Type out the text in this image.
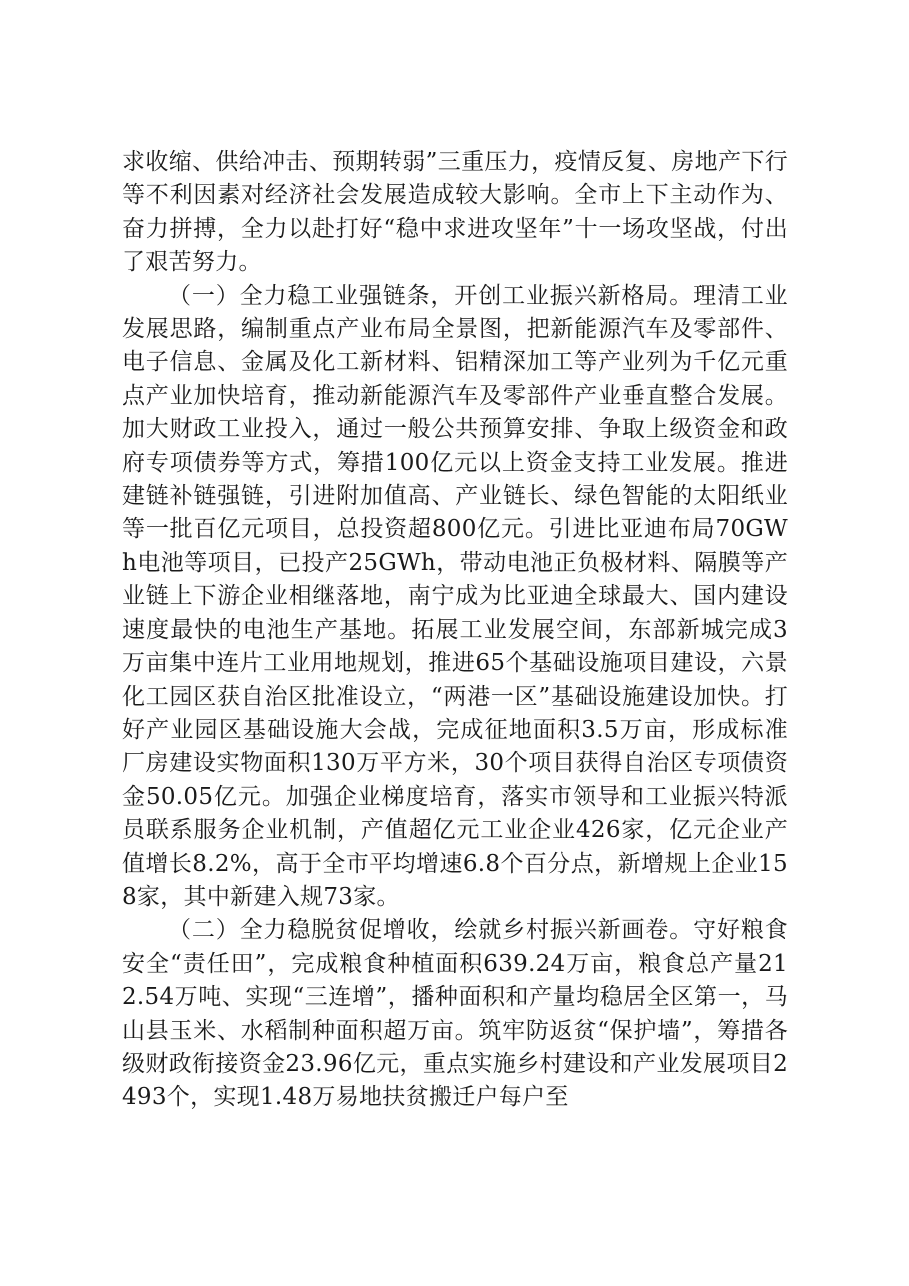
求收缩、供给冲击、预期转弱”三重压力，疫情反复、房地产下行等不利因素对经济社会发展造成较大影响。全市上下主动作为、奋力拼搏，全力以赴打好“稳中求进攻坚年”十一场攻坚战，付出了艰苦努力。

（一）全力稳工业强链条，开创工业振兴新格局。理清工业发展思路，编制重点产业布局全景图，把新能源汽车及零部件、电子信息、金属及化工新材料、铝精深加工等产业列为千亿元重点产业加快培育，推动新能源汽车及零部件产业垂直整合发展。加大财政工业投入，通过一般公共预算安排、争取上级资金和政府专项债券等方式，筹措100亿元以上资金支持工业发展。推进建链补链强链，引进附加值高、产业链长、绿色智能的太阳纸业等一批百亿元项目，总投资超800亿元。引进比亚迪布局70GWh电池等项目，已投产25GWh，带动电池正负极材料、隔膜等产业链上下游企业相继落地，南宁成为比亚迪全球最大、国内建设速度最快的电池生产基地。拓展工业发展空间，东部新城完成3万亩集中连片工业用地规划，推进65个基础设施项目建设，六景化工园区获自治区批准设立，“两港一区”基础设施建设加快。打好产业园区基础设施大会战，完成征地面积3.5万亩，形成标准厂房建设实物面积130万平方米，30个项目获得自治区专项债资金50.05亿元。加强企业梯度培育，落实市领导和工业振兴特派员联系服务企业机制，产值超亿元工业企业426家，亿元企业产值增长8.2%，高于全市平均增速6.8个百分点，新增规上企业158家，其中新建入规73家。

（二）全力稳脱贫促增收，绘就乡村振兴新画卷。守好粮食安全“责任田”，完成粮食种植面积639.24万亩，粮食总产量212.54万吨、实现“三连增”，播种面积和产量均稳居全区第一，马山县玉米、水稻制种面积超万亩。筑牢防返贫“保护墙”，筹措各级财政衔接资金23.96亿元，重点实施乡村建设和产业发展项目2493个，实现1.48万易地扶贫搬迁户每户至
